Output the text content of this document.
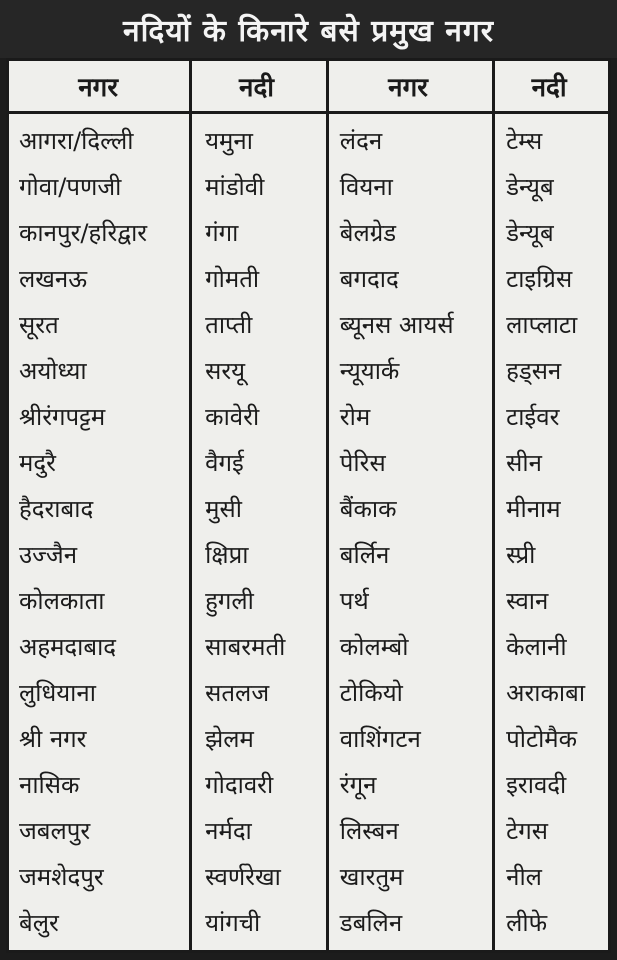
नदियों के किनारे बसे प्रमुख नगर
नगर	नदी	नगर	नदी
आगरा/दिल्ली	यमुना	लंदन	टेम्स
गोवा/पणजी	मांडोवी	वियना	डेन्यूब
कानपुर/हरिद्वार	गंगा	बेलग्रेड	डेन्यूब
लखनऊ	गोमती	बगदाद	टाइग्रिस
सूरत	ताप्ती	ब्यूनस आयर्स	लाप्लाटा
अयोध्या	सरयू	न्यूयार्क	हड्सन
श्रीरंगपट्टम	कावेरी	रोम	टाईवर
मदुरै	वैगई	पेरिस	सीन
हैदराबाद	मुसी	बैंकाक	मीनाम
उज्जैन	क्षिप्रा	बर्लिन	स्प्री
कोलकाता	हुगली	पर्थ	स्वान
अहमदाबाद	साबरमती	कोलम्बो	केलानी
लुधियाना	सतलज	टोकियो	अराकाबा
श्री नगर	झेलम	वाशिंगटन	पोटोमैक
नासिक	गोदावरी	रंगून	इरावदी
जबलपुर	नर्मदा	लिस्बन	टेगस
जमशेदपुर	स्वर्णरेखा	खारतुम	नील
बेलुर	यांगची	डबलिन	लीफे
